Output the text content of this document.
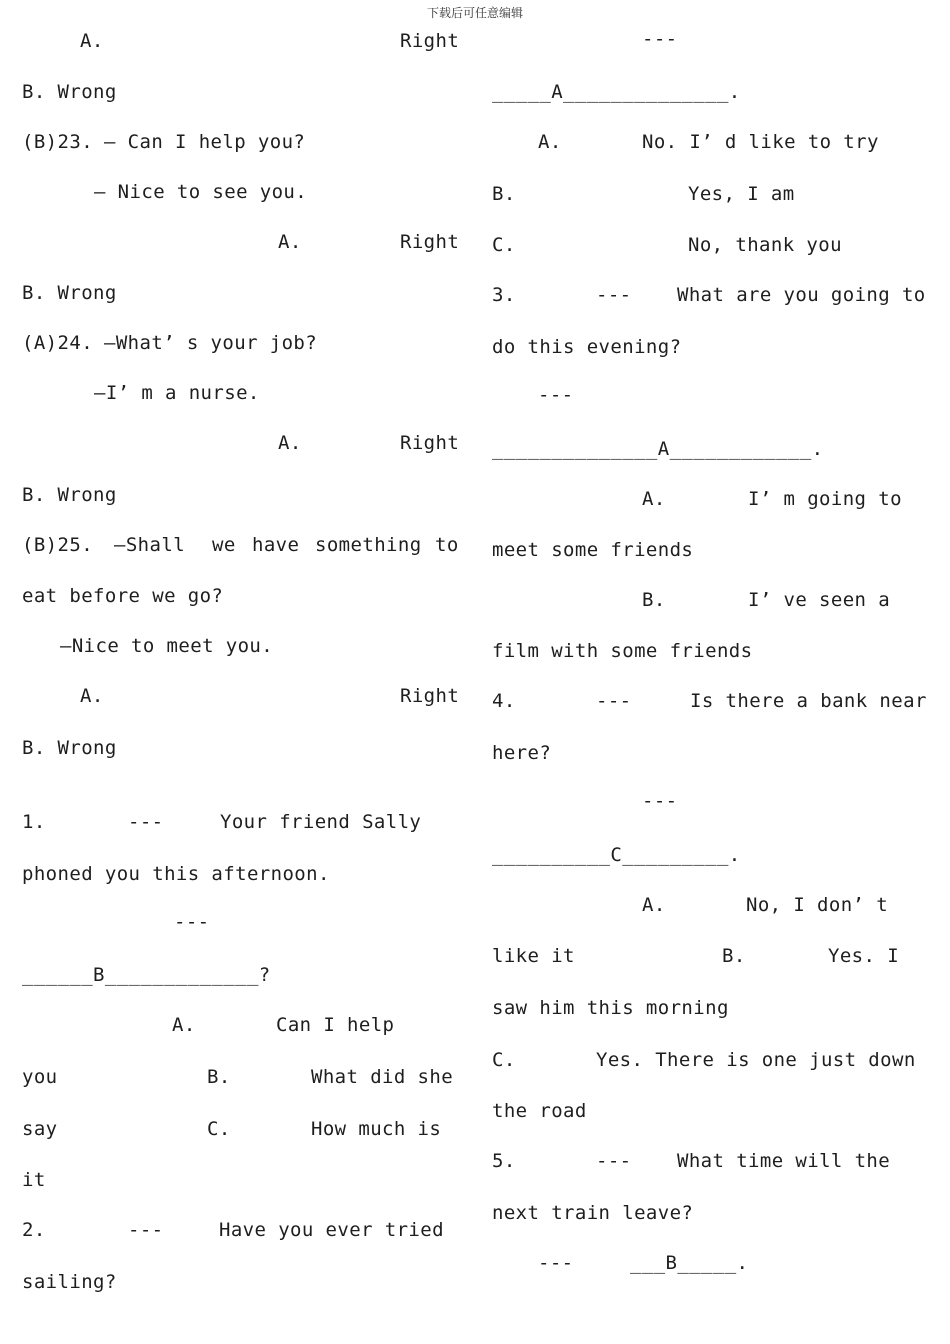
下载后可任意编辑
A.	Right
B. Wrong
(B)23. — Can I help you?
— Nice to see you.
A.	Right
B. Wrong
(A)24. —What’ s your job?
—I’ m a nurse.
A.	Right
B. Wrong
(B)25. —Shall we have something to
eat before we go?
—Nice to meet you.
A.	Right
B. Wrong
1.	---	Your friend Sally
phoned you this afternoon.
---
______B_____________?
A.	Can I help
you	B.	What did she
say	C.	How much is
it
2.	---	Have you ever tried
sailing?
---
_____A______________.
A.	No. I’ d like to try
B.	Yes, I am
C.	No, thank you
3.	--- What are you going to
do this evening?
---
______________A____________.
A.	I’ m going to
meet some friends
B.	I’ ve seen a
film with some friends
4.	---	Is there a bank near
here?
---
__________C_________.
A.	No, I don’ t
like it	B.	Yes. I
saw him this morning
C.	Yes. There is one just down
the road
5.	--- What time will the
next train leave?
---	___B_____.
